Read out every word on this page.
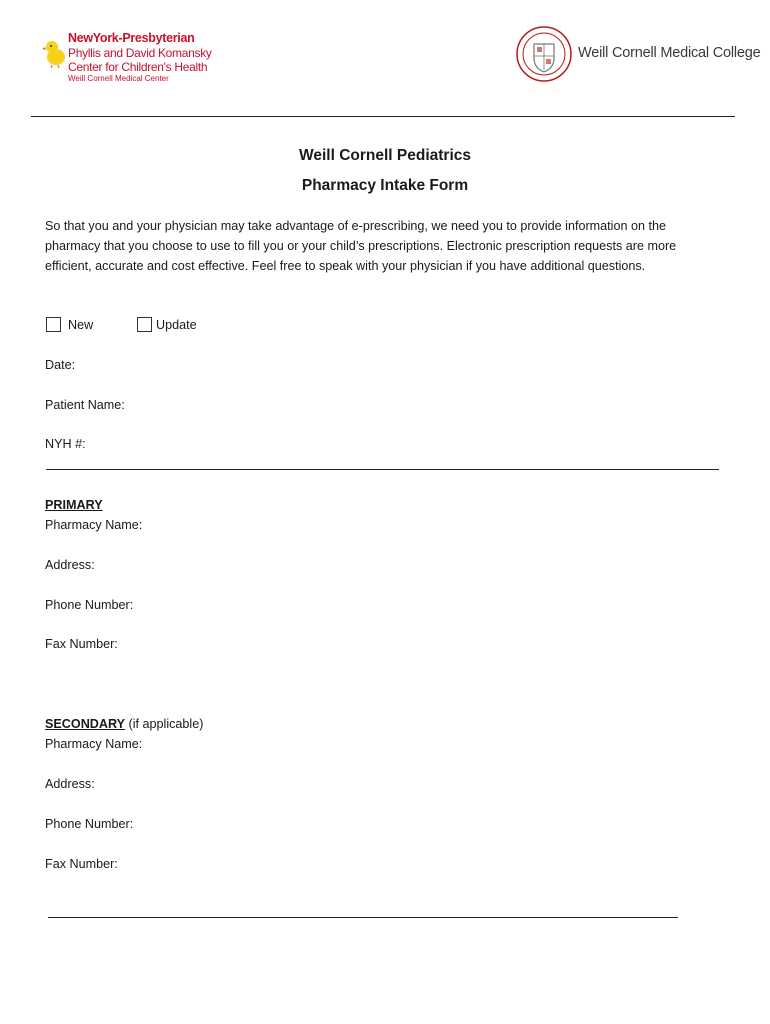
NewYork-Presbyterian
Phyllis and David Komansky
Center for Children's Health
Weill Cornell Medical Center
Weill Cornell Medical College
Weill Cornell Pediatrics
Pharmacy Intake Form
So that you and your physician may take advantage of e-prescribing, we need you to provide information on the
pharmacy that you choose to use to fill you or your child’s prescriptions. Electronic prescription requests are more
efficient, accurate and cost effective. Feel free to speak with your physician if you have additional questions.
New	Update
Date:
Patient Name:
NYH #:
PRIMARY
Pharmacy Name:
Address:
Phone Number:
Fax Number:
SECONDARY (if applicable)
Pharmacy Name:
Address:
Phone Number:
Fax Number:
